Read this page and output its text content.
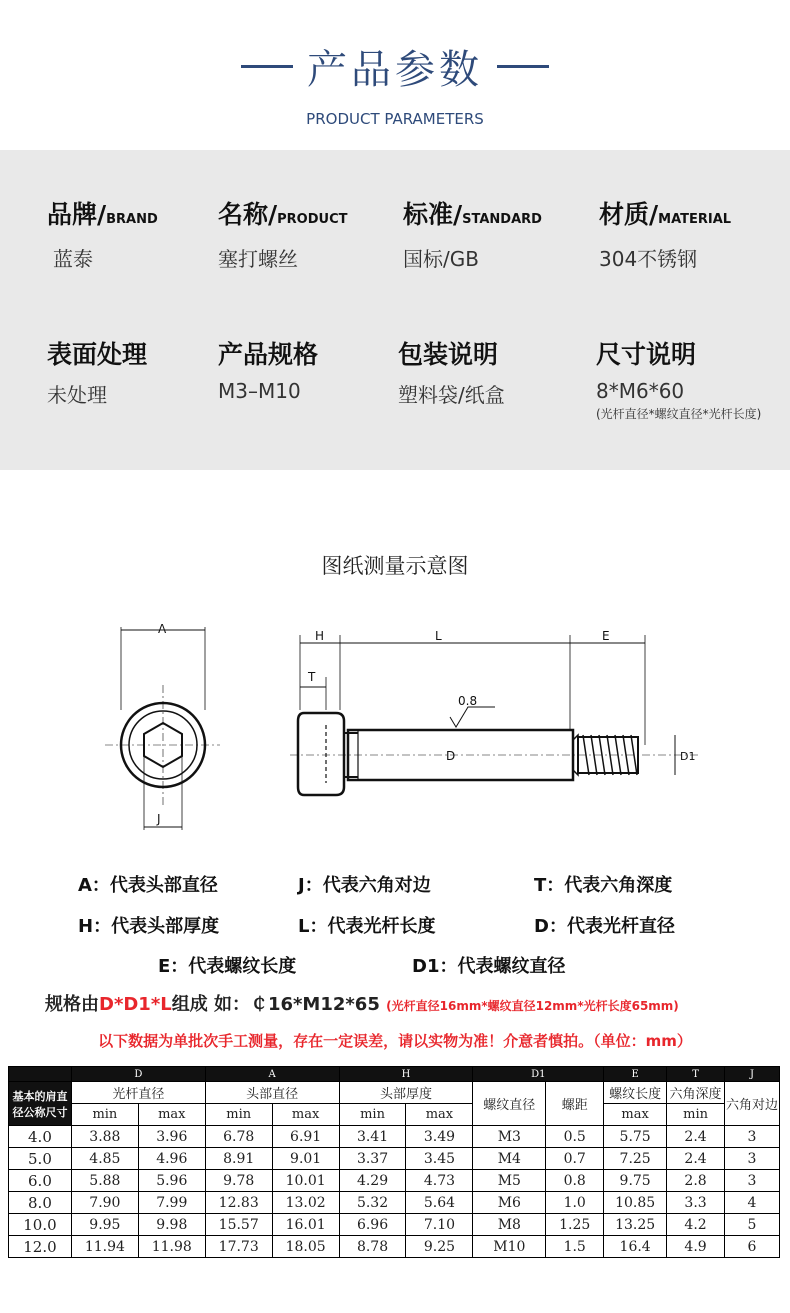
产品参数
PRODUCT PARAMETERS
品牌/BRAND
蓝泰
名称/PRODUCT
塞打螺丝
标准/STANDARD
国标/GB
材质/MATERIAL
304不锈钢
表面处理
未处理
产品规格
M3–M10
包装说明
塑料袋/纸盒
尺寸说明
8*M6*60
(光杆直径*螺纹直径*光杆长度)
图纸测量示意图
A
J
H	L	E
T
0.8
D	D1
A：代表头部直径	J：代表六角对边	T：代表六角深度
H：代表头部厚度	L：代表光杆长度	D：代表光杆直径
E：代表螺纹长度	D1：代表螺纹直径
规格由D*D1*L组成 如：￠16*M12*65 (光杆直径16mm*螺纹直径12mm*光杆长度65mm)
以下数据为单批次手工测量，存在一定误差，请以实物为准！介意者慎拍。（单位：mm）
	D		A		H		D1		E	T	J
基本的肩直径公称尺寸	光杆直径		头部直径		头部厚度		螺纹直径	螺距	螺纹长度	六角深度	六角对边
	min	max	min	max	min	max			max	min	
4.0	3.88	3.96	6.78	6.91	3.41	3.49	M3	0.5	5.75	2.4	3
5.0	4.85	4.96	8.91	9.01	3.37	3.45	M4	0.7	7.25	2.4	3
6.0	5.88	5.96	9.78	10.01	4.29	4.73	M5	0.8	9.75	2.8	3
8.0	7.90	7.99	12.83	13.02	5.32	5.64	M6	1.0	10.85	3.3	4
10.0	9.95	9.98	15.57	16.01	6.96	7.10	M8	1.25	13.25	4.2	5
12.0	11.94	11.98	17.73	18.05	8.78	9.25	M10	1.5	16.4	4.9	6
